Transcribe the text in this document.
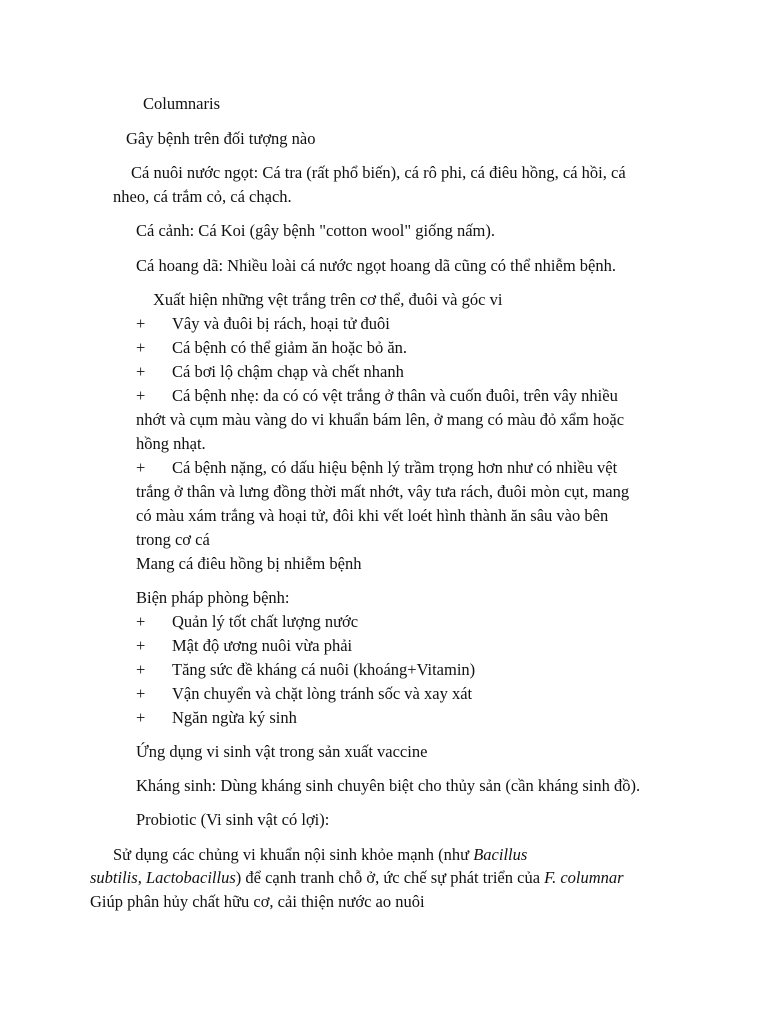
Columnaris

Gây bệnh trên đối tượng nào

Cá nuôi nước ngọt: Cá tra (rất phổ biến), cá rô phi, cá điêu hồng, cá hồi, cá

nheo, cá trắm cỏ, cá chạch.

Cá cảnh: Cá Koi (gây bệnh "cotton wool" giống nấm).

Cá hoang dã: Nhiều loài cá nước ngọt hoang dã cũng có thể nhiễm bệnh.

Xuất hiện những vệt trắng trên cơ thể, đuôi và góc vi

+ Vây và đuôi bị rách, hoại tử đuôi

+ Cá bệnh có thể giảm ăn hoặc bỏ ăn.

+ Cá bơi lộ chậm chạp và chết nhanh

+ Cá bệnh nhẹ: da có có vệt trắng ở thân và cuốn đuôi, trên vây nhiều

nhớt và cụm màu vàng do vi khuẩn bám lên, ở mang có màu đỏ xẩm hoặc

hồng nhạt.

+ Cá bệnh nặng, có dấu hiệu bệnh lý trầm trọng hơn như có nhiều vệt

trắng ở thân và lưng đồng thời mất nhớt, vây tưa rách, đuôi mòn cụt, mang

có màu xám trắng và hoại tử, đôi khi vết loét hình thành ăn sâu vào bên

trong cơ cá

Mang cá điêu hồng bị nhiễm bệnh

Biện pháp phòng bệnh:

+ Quản lý tốt chất lượng nước

+ Mật độ ương nuôi vừa phải

+ Tăng sức đề kháng cá nuôi (khoáng+Vitamin)

+ Vận chuyển và chặt lòng tránh sốc và xay xát

+ Ngăn ngừa ký sinh

Ứng dụng vi sinh vật trong sản xuất vaccine

Kháng sinh: Dùng kháng sinh chuyên biệt cho thủy sản (cần kháng sinh đồ).

Probiotic (Vi sinh vật có lợi):

Sử dụng các chủng vi khuẩn nội sinh khỏe mạnh (như Bacillus

subtilis, Lactobacillus) để cạnh tranh chỗ ở, ức chế sự phát triển của F. columnar

Giúp phân hủy chất hữu cơ, cải thiện nước ao nuôi
